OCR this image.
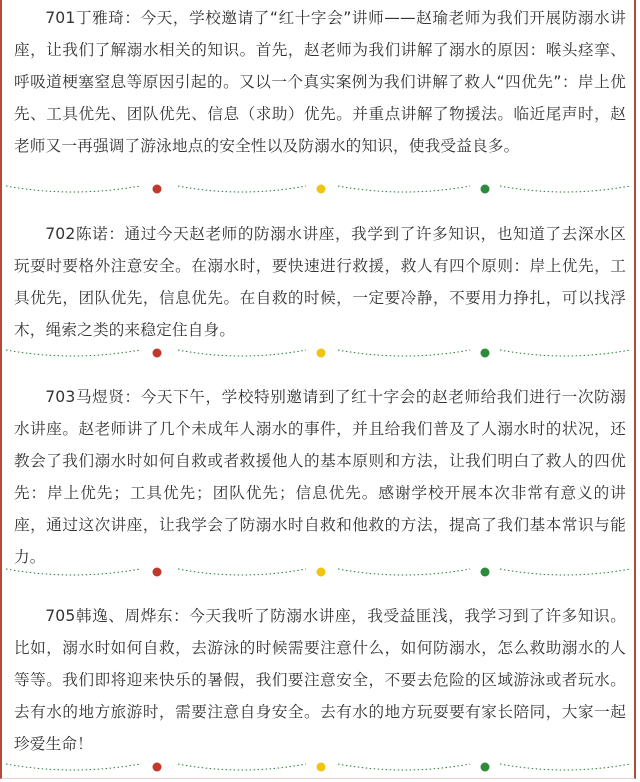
701丁雅琦：今天，学校邀请了“红十字会”讲师——赵瑜老师为我们开展防溺水讲座，让我们了解溺水相关的知识。首先，赵老师为我们讲解了溺水的原因：喉头痉挛、呼吸道梗塞窒息等原因引起的。又以一个真实案例为我们讲解了救人“四优先”：岸上优先、工具优先、团队优先、信息（求助）优先。并重点讲解了物援法。临近尾声时，赵老师又一再强调了游泳地点的安全性以及防溺水的知识，使我受益良多。

702陈诺：通过今天赵老师的防溺水讲座，我学到了许多知识，也知道了去深水区玩耍时要格外注意安全。在溺水时，要快速进行救援，救人有四个原则：岸上优先，工具优先，团队优先，信息优先。在自救的时候，一定要冷静，不要用力挣扎，可以找浮木，绳索之类的来稳定住自身。

703马煜贤：今天下午，学校特别邀请到了红十字会的赵老师给我们进行一次防溺水讲座。赵老师讲了几个未成年人溺水的事件，并且给我们普及了人溺水时的状况，还教会了我们溺水时如何自救或者救援他人的基本原则和方法，让我们明白了救人的四优先：岸上优先；工具优先；团队优先；信息优先。感谢学校开展本次非常有意义的讲座，通过这次讲座，让我学会了防溺水时自救和他救的方法，提高了我们基本常识与能力。

705韩逸、周烨东：今天我听了防溺水讲座，我受益匪浅，我学习到了许多知识。比如，溺水时如何自救，去游泳的时候需要注意什么，如何防溺水，怎么救助溺水的人等等。我们即将迎来快乐的暑假，我们要注意安全，不要去危险的区域游泳或者玩水。去有水的地方旅游时，需要注意自身安全。去有水的地方玩耍要有家长陪同，大家一起珍爱生命！
